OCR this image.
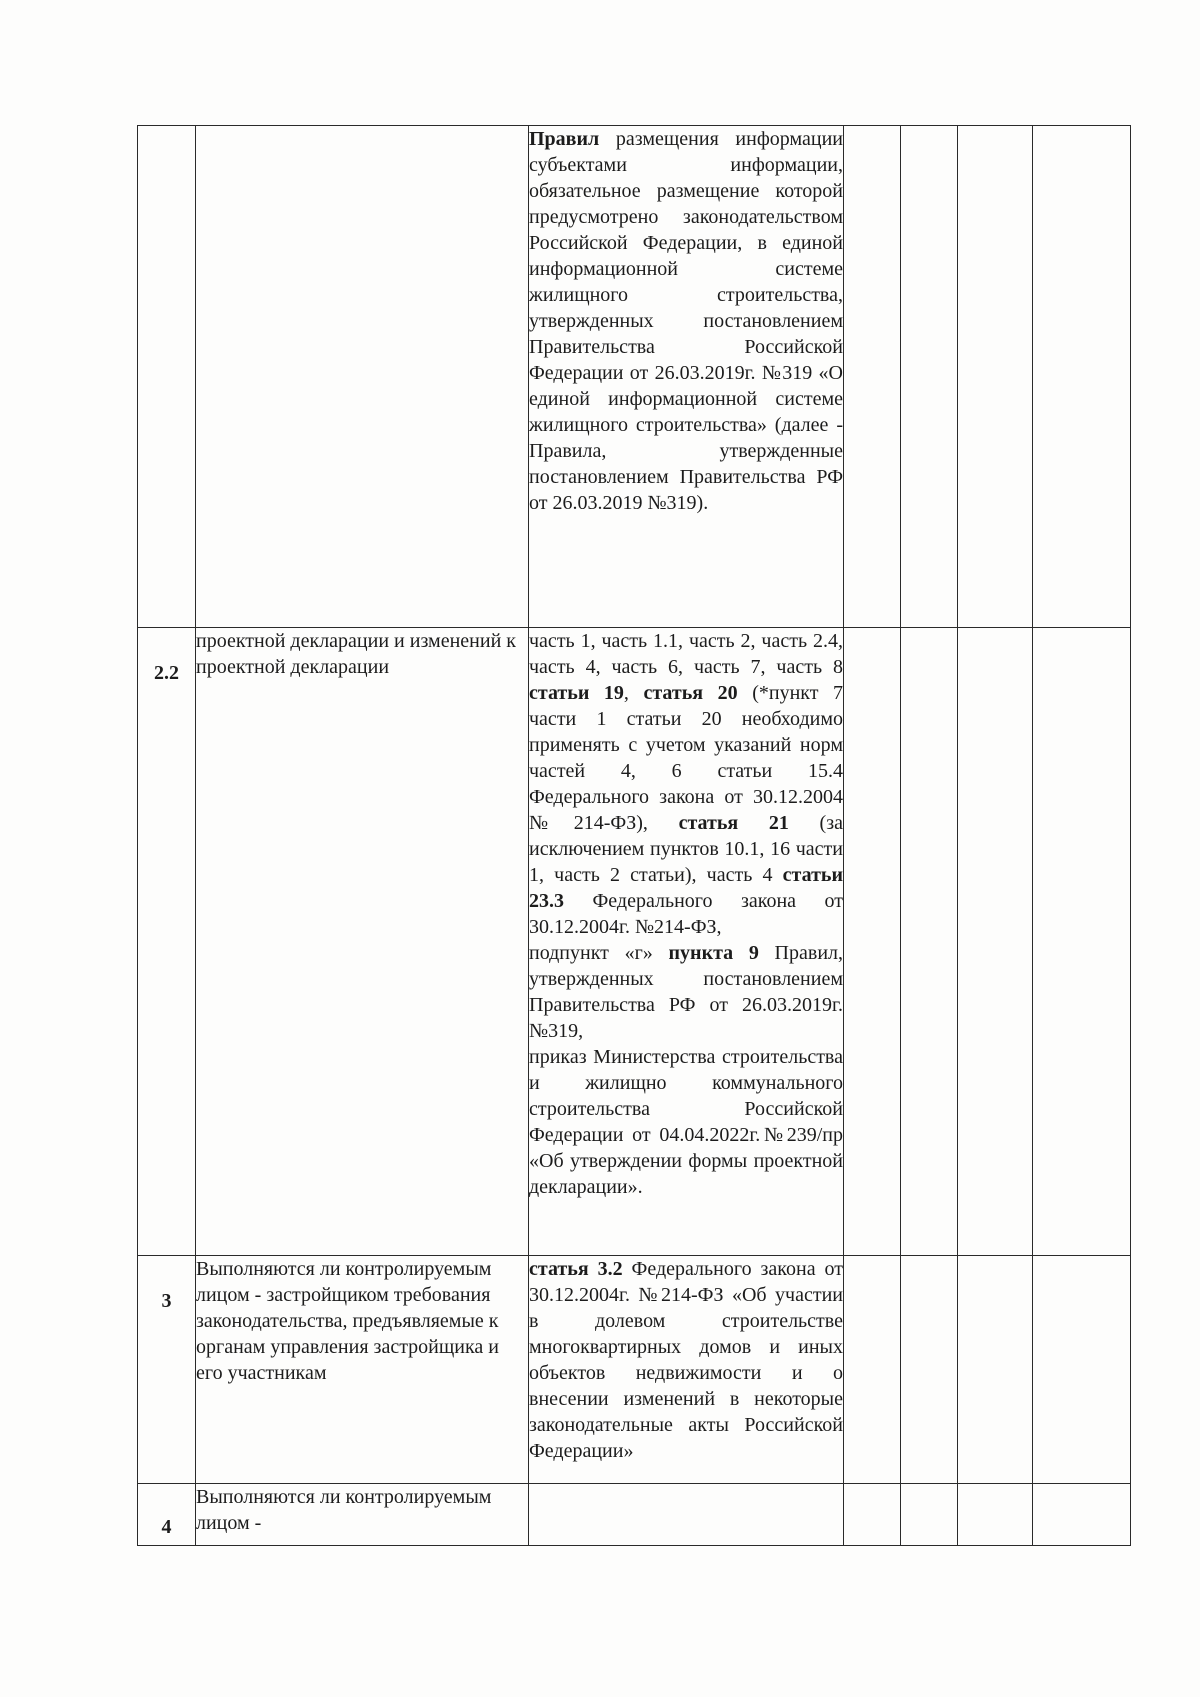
		Правил размещения информации субъектами информации, обязательное размещение которой предусмотрено законодательством Российской Федерации, в единой информационной системе жилищного строительства, утвержденных постановлением Правительства Российской Федерации от 26.03.2019г. №319 «О единой информационной системе жилищного строительства» (далее - Правила, утвержденные постановлением Правительства РФ от 26.03.2019 №319).				

2.2	проектной декларации и изменений к проектной декларации	часть 1, часть 1.1, часть 2, часть 2.4, часть 4, часть 6, часть 7, часть 8 статьи 19, статья 20 (*пункт 7 части 1 статьи 20 необходимо применять с учетом указаний норм частей 4, 6 статьи 15.4 Федерального закона от 30.12.2004 №214-ФЗ), статья 21 (за исключением пунктов 10.1, 16 части 1, часть 2 статьи), часть 4 статьи 23.3 Федерального закона от 30.12.2004г. №214-ФЗ,
подпункт «г» пункта 9 Правил, утвержденных постановлением Правительства РФ от 26.03.2019г. №319,
приказ Министерства строительства и жилищно коммунального строительства Российской Федерации от 04.04.2022г.№239/пр «Об утверждении формы проектной декларации».				

3	Выполняются ли контролируемым лицом - застройщиком требования законодательства, предъявляемые к органам управления застройщика и его участникам	статья 3.2 Федерального закона от 30.12.2004г. №214-ФЗ «Об участии в долевом строительстве многоквартирных домов и иных объектов недвижимости и о внесении изменений в некоторые законодательные акты Российской Федерации»				

4	Выполняются ли контролируемым лицом -					
